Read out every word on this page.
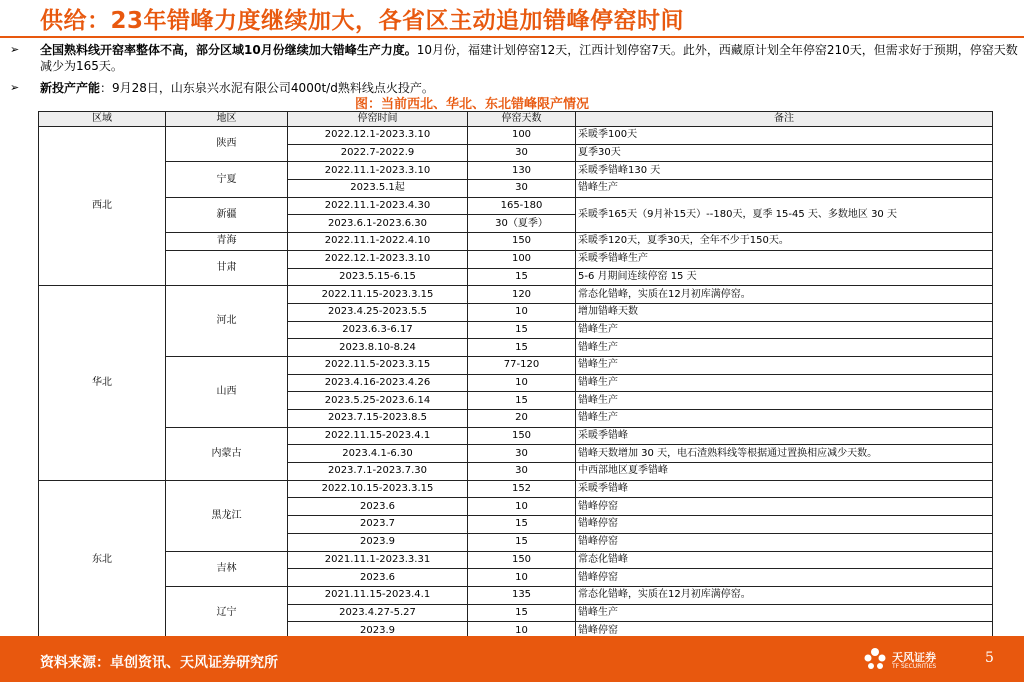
供给：23年错峰力度继续加大，各省区主动追加错峰停窑时间
➢ 全国熟料线开窑率整体不高，部分区域10月份继续加大错峰生产力度。10月份，福建计划停窑12天，江西计划停窑7天。此外，西藏原计划全年停窑210天，但需求好于预期，停窑天数减少为165天。
➢ 新投产产能：9月28日，山东泉兴水泥有限公司4000t/d熟料线点火投产。
图：当前西北、华北、东北错峰限产情况
区域	地区	停窑时间	停窑天数	备注
西北	陕西	2022.12.1-2023.3.10	100	采暖季100天
		2022.7-2022.9	30	夏季30天
	宁夏	2022.11.1-2023.3.10	130	采暖季错峰130 天
		2023.5.1起	30	错峰生产
	新疆	2022.11.1-2023.4.30	165-180	采暖季165天（9月补15天）--180天，夏季 15-45 天、多数地区 30 天
		2023.6.1-2023.6.30	30（夏季）	
	青海	2022.11.1-2022.4.10	150	采暖季120天，夏季30天，全年不少于150天。
	甘肃	2022.12.1-2023.3.10	100	采暖季错峰生产
		2023.5.15-6.15	15	5-6 月期间连续停窑 15 天
华北	河北	2022.11.15-2023.3.15	120	常态化错峰，实质在12月初库满停窑。
		2023.4.25-2023.5.5	10	增加错峰天数
		2023.6.3-6.17	15	错峰生产
		2023.8.10-8.24	15	错峰生产
	山西	2022.11.5-2023.3.15	77-120	错峰生产
		2023.4.16-2023.4.26	10	错峰生产
		2023.5.25-2023.6.14	15	错峰生产
		2023.7.15-2023.8.5	20	错峰生产
	内蒙古	2022.11.15-2023.4.1	150	采暖季错峰
		2023.4.1-6.30	30	错峰天数增加 30 天，电石渣熟料线等根据通过置换相应减少天数。
		2023.7.1-2023.7.30	30	中西部地区夏季错峰
东北	黑龙江	2022.10.15-2023.3.15	152	采暖季错峰
		2023.6	10	错峰停窑
		2023.7	15	错峰停窑
		2023.9	15	错峰停窑
	吉林	2021.11.1-2023.3.31	150	常态化错峰
		2023.6	10	错峰停窑
	辽宁	2021.11.15-2023.4.1	135	常态化错峰，实质在12月初库满停窑。
		2023.4.27-5.27	15	错峰生产
		2023.9	10	错峰停窑
资料来源：卓创资讯、天风证券研究所	天风证券
TF SECURITIES
5
